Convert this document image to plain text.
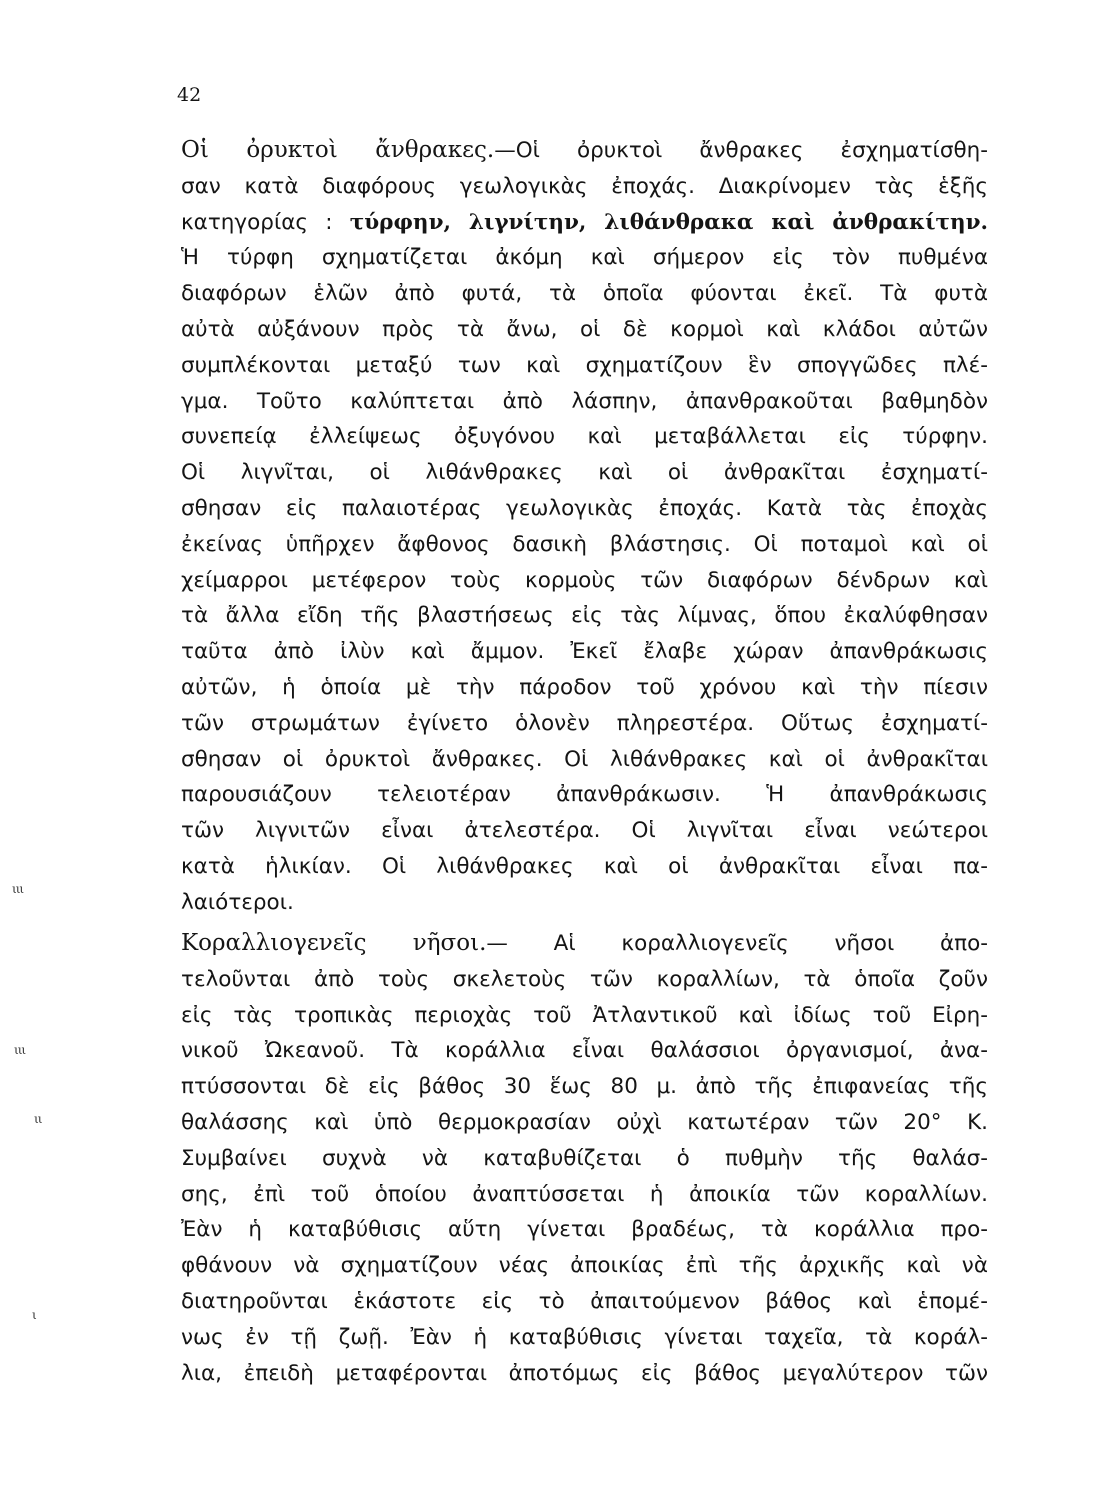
42
ιιι
ιιι
ιι
ι
Οἱ ὀρυκτοὶ ἄνθρακες.—Οἱ ὀρυκτοὶ ἄνθρακες ἐσχηματίσθη-
σαν κατὰ διαφόρους γεωλογικὰς ἐποχάς. Διακρίνομεν τὰς ἑξῆς
κατηγορίας : τύρφην, λιγνίτην, λιθάνθρακα καὶ ἀνθρακίτην.
Ἡ τύρφη σχηματίζεται ἀκόμη καὶ σήμερον εἰς τὸν πυθμένα
διαφόρων ἑλῶν ἀπὸ φυτά, τὰ ὁποῖα φύονται ἐκεῖ. Τὰ φυτὰ
αὐτὰ αὐξάνουν πρὸς τὰ ἄνω, οἱ δὲ κορμοὶ καὶ κλάδοι αὐτῶν
συμπλέκονται μεταξύ των καὶ σχηματίζουν ἓν σπογγῶδες πλέ-
γμα. Τοῦτο καλύπτεται ἀπὸ λάσπην, ἀπανθρακοῦται βαθμηδὸν
συνεπείᾳ ἐλλείψεως ὀξυγόνου καὶ μεταβάλλεται εἰς τύρφην.
Οἱ λιγνῖται, οἱ λιθάνθρακες καὶ οἱ ἀνθρακῖται ἐσχηματί-
σθησαν εἰς παλαιοτέρας γεωλογικὰς ἐποχάς. Κατὰ τὰς ἐποχὰς
ἐκείνας ὑπῆρχεν ἄφθονος δασικὴ βλάστησις. Οἱ ποταμοὶ καὶ οἱ
χείμαρροι μετέφερον τοὺς κορμοὺς τῶν διαφόρων δένδρων καὶ
τὰ ἄλλα εἴδη τῆς βλαστήσεως εἰς τὰς λίμνας, ὅπου ἐκαλύφθησαν
ταῦτα ἀπὸ ἰλὺν καὶ ἄμμον. Ἐκεῖ ἔλαβε χώραν ἀπανθράκωσις
αὐτῶν, ἡ ὁποία μὲ τὴν πάροδον τοῦ χρόνου καὶ τὴν πίεσιν
τῶν στρωμάτων ἐγίνετο ὁλονὲν πληρεστέρα. Οὕτως ἐσχηματί-
σθησαν οἱ ὀρυκτοὶ ἄνθρακες. Οἱ λιθάνθρακες καὶ οἱ ἀνθρακῖται
παρουσιάζουν τελειοτέραν ἀπανθράκωσιν. Ἡ ἀπανθράκωσις
τῶν λιγνιτῶν εἶναι ἀτελεστέρα. Οἱ λιγνῖται εἶναι νεώτεροι
κατὰ ἡλικίαν. Οἱ λιθάνθρακες καὶ οἱ ἀνθρακῖται εἶναι πα-
λαιότεροι.
Κοραλλιογενεῖς νῆσοι.— Αἱ κοραλλιογενεῖς νῆσοι ἀπο-
τελοῦνται ἀπὸ τοὺς σκελετοὺς τῶν κοραλλίων, τὰ ὁποῖα ζοῦν
εἰς τὰς τροπικὰς περιοχὰς τοῦ Ἀτλαντικοῦ καὶ ἰδίως τοῦ Εἰρη-
νικοῦ Ὠκεανοῦ. Τὰ κοράλλια εἶναι θαλάσσιοι ὀργανισμοί, ἀνα-
πτύσσονται δὲ εἰς βάθος 30 ἕως 80 μ. ἀπὸ τῆς ἐπιφανείας τῆς
θαλάσσης καὶ ὑπὸ θερμοκρασίαν οὐχὶ κατωτέραν τῶν 20° Κ.
Συμβαίνει συχνὰ νὰ καταβυθίζεται ὁ πυθμὴν τῆς θαλάσ-
σης, ἐπὶ τοῦ ὁποίου ἀναπτύσσεται ἡ ἀποικία τῶν κοραλλίων.
Ἐὰν ἡ καταβύθισις αὕτη γίνεται βραδέως, τὰ κοράλλια προ-
φθάνουν νὰ σχηματίζουν νέας ἀποικίας ἐπὶ τῆς ἀρχικῆς καὶ νὰ
διατηροῦνται ἑκάστοτε εἰς τὸ ἀπαιτούμενον βάθος καὶ ἑπομέ-
νως ἐν τῇ ζωῇ. Ἐὰν ἡ καταβύθισις γίνεται ταχεῖα, τὰ κοράλ-
λια, ἐπειδὴ μεταφέρονται ἀποτόμως εἰς βάθος μεγαλύτερον τῶν
